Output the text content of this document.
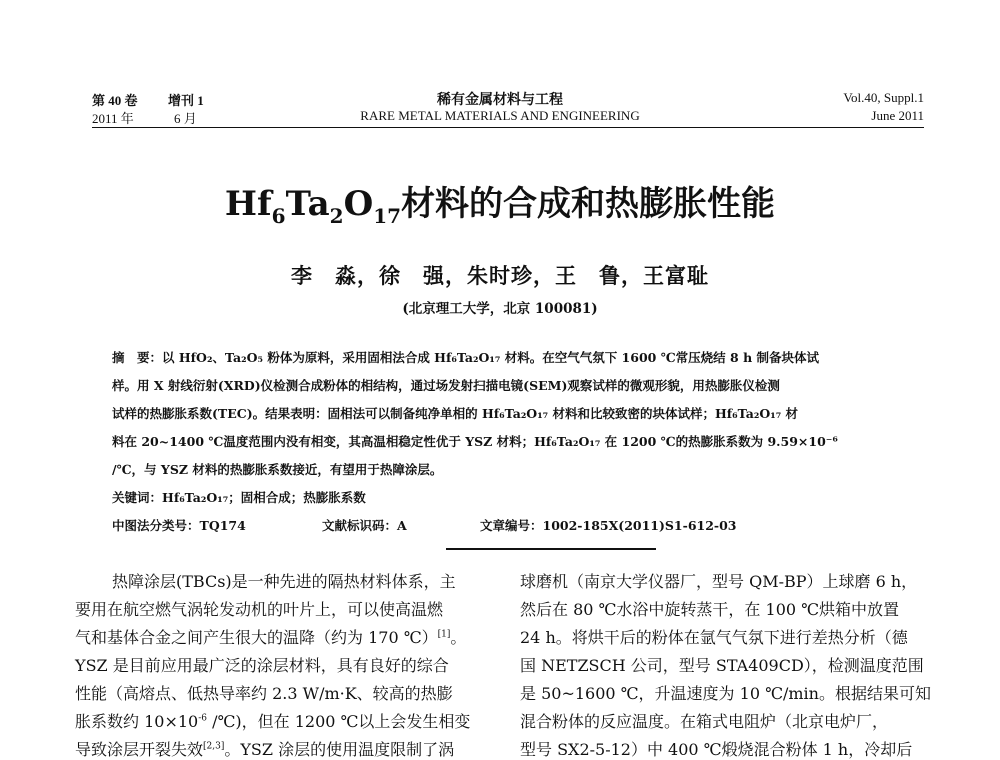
第 40 卷 增刊 1
2011 年	6 月
稀有金属材料与工程
RARE METAL MATERIALS AND ENGINEERING
Vol.40, Suppl.1
June 2011
$Hf_6Ta_2O_{17}$材料的合成和热膨胀性能
李　淼，徐　强，朱时珍，王　鲁，王富耻
(北京理工大学，北京 100081)
摘　要：以 HfO₂、Ta₂O₅ 粉体为原料，采用固相法合成 Hf₆Ta₂O₁₇ 材料。在空气气氛下 1600 ℃常压烧结 8 h 制备块体试
样。用 X 射线衍射(XRD)仪检测合成粉体的相结构，通过场发射扫描电镜(SEM)观察试样的微观形貌，用热膨胀仪检测
试样的热膨胀系数(TEC)。结果表明：固相法可以制备纯净单相的 Hf₆Ta₂O₁₇ 材料和比较致密的块体试样；Hf₆Ta₂O₁₇ 材
料在 20~1400 ℃温度范围内没有相变，其高温相稳定性优于 YSZ 材料；Hf₆Ta₂O₁₇ 在 1200 ℃的热膨胀系数为 9.59×10⁻⁶
/℃，与 YSZ 材料的热膨胀系数接近，有望用于热障涂层。
关键词：Hf₆Ta₂O₁₇；固相合成；热膨胀系数
中图法分类号：TQ174	文献标识码：A	文章编号：1002-185X(2011)S1-612-03
热障涂层(TBCs)是一种先进的隔热材料体系，主
要用在航空燃气涡轮发动机的叶片上，可以使高温燃
气和基体合金之间产生很大的温降（约为 170 ℃）[1]。
YSZ 是目前应用最广泛的涂层材料，具有良好的综合
性能（高熔点、低热导率约 2.3 W/m·K、较高的热膨
胀系数约 $10\times 10^{-6}$ /℃)，但在 1200 ℃以上会发生相变
导致涂层开裂失效[2,3]。YSZ 涂层的使用温度限制了涡
球磨机（南京大学仪器厂，型号 QM-BP）上球磨 6 h，
然后在 80 ℃水浴中旋转蒸干，在 100 ℃烘箱中放置
24 h。将烘干后的粉体在氩气气氛下进行差热分析（德
国 NETZSCH 公司，型号 STA409CD），检测温度范围
是 50~1600 ℃，升温速度为 10 ℃/min。根据结果可知
混合粉体的反应温度。在箱式电阻炉（北京电炉厂，
型号 SX2-5-12）中 400 ℃煅烧混合粉体 1 h，冷却后
